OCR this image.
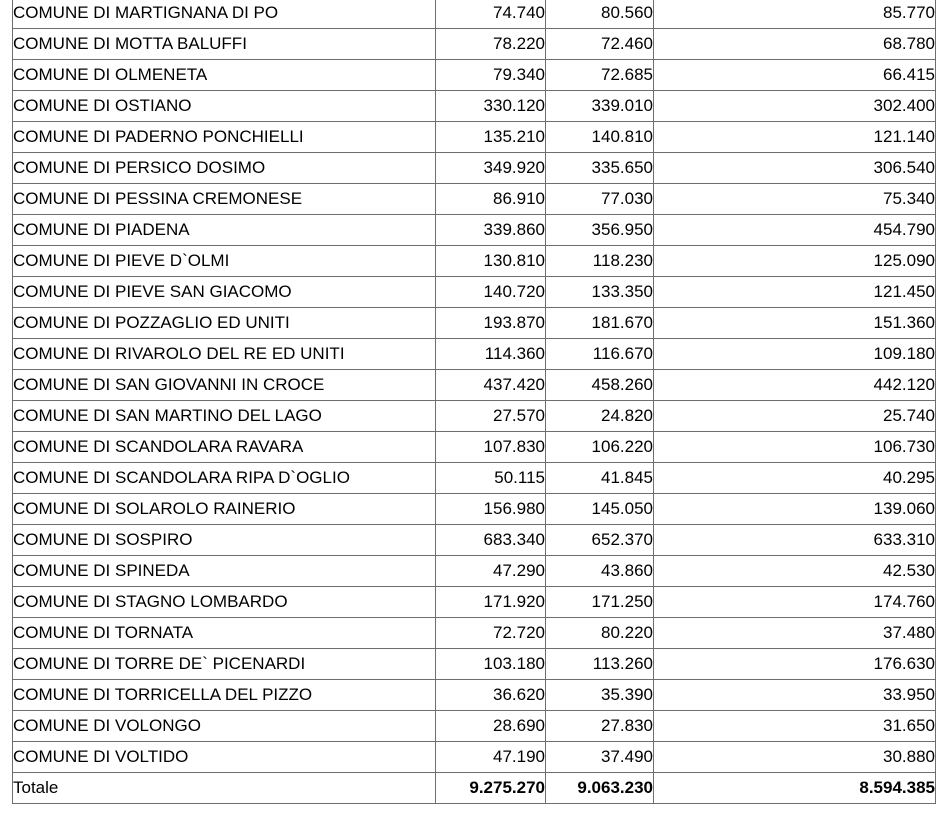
COMUNE DI MARTIGNANA DI PO	74.740	80.560	85.770
COMUNE DI MOTTA BALUFFI	78.220	72.460	68.780
COMUNE DI OLMENETA	79.340	72.685	66.415
COMUNE DI OSTIANO	330.120	339.010	302.400
COMUNE DI PADERNO PONCHIELLI	135.210	140.810	121.140
COMUNE DI PERSICO DOSIMO	349.920	335.650	306.540
COMUNE DI PESSINA CREMONESE	86.910	77.030	75.340
COMUNE DI PIADENA	339.860	356.950	454.790
COMUNE DI PIEVE D`OLMI	130.810	118.230	125.090
COMUNE DI PIEVE SAN GIACOMO	140.720	133.350	121.450
COMUNE DI POZZAGLIO ED UNITI	193.870	181.670	151.360
COMUNE DI RIVAROLO DEL RE ED UNITI	114.360	116.670	109.180
COMUNE DI SAN GIOVANNI IN CROCE	437.420	458.260	442.120
COMUNE DI SAN MARTINO DEL LAGO	27.570	24.820	25.740
COMUNE DI SCANDOLARA RAVARA	107.830	106.220	106.730
COMUNE DI SCANDOLARA RIPA D`OGLIO	50.115	41.845	40.295
COMUNE DI SOLAROLO RAINERIO	156.980	145.050	139.060
COMUNE DI SOSPIRO	683.340	652.370	633.310
COMUNE DI SPINEDA	47.290	43.860	42.530
COMUNE DI STAGNO LOMBARDO	171.920	171.250	174.760
COMUNE DI TORNATA	72.720	80.220	37.480
COMUNE DI TORRE DE` PICENARDI	103.180	113.260	176.630
COMUNE DI TORRICELLA DEL PIZZO	36.620	35.390	33.950
COMUNE DI VOLONGO	28.690	27.830	31.650
COMUNE DI VOLTIDO	47.190	37.490	30.880
Totale	9.275.270	9.063.230	8.594.385
